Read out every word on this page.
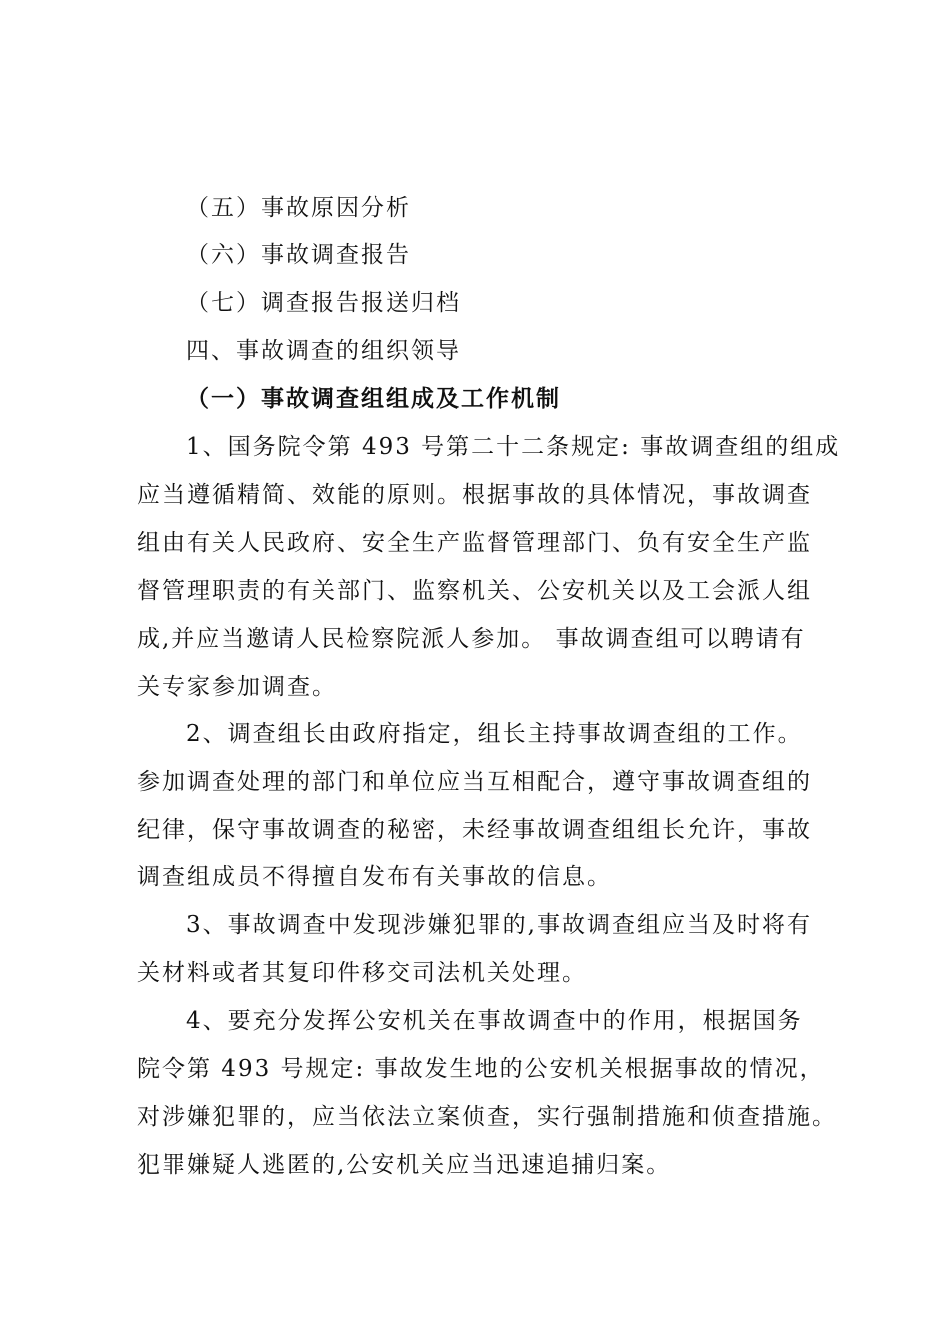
（五）事故原因分析
（六）事故调查报告
（七）调查报告报送归档
四、事故调查的组织领导
（一）事故调查组组成及工作机制
1、国务院令第 493 号第二十二条规定: 事故调查组的组成
应当遵循精简、效能的原则。根据事故的具体情况，事故调查
组由有关人民政府、安全生产监督管理部门、负有安全生产监
督管理职责的有关部门、监察机关、公安机关以及工会派人组
成,并应当邀请人民检察院派人参加。 事故调查组可以聘请有
关专家参加调查。
2、调查组长由政府指定，组长主持事故调查组的工作。
参加调查处理的部门和单位应当互相配合，遵守事故调查组的
纪律，保守事故调查的秘密，未经事故调查组组长允许，事故
调查组成员不得擅自发布有关事故的信息。
3、事故调查中发现涉嫌犯罪的,事故调查组应当及时将有
关材料或者其复印件移交司法机关处理。
4、要充分发挥公安机关在事故调查中的作用，根据国务
院令第 493 号规定: 事故发生地的公安机关根据事故的情况，
对涉嫌犯罪的，应当依法立案侦查，实行强制措施和侦查措施。
犯罪嫌疑人逃匿的,公安机关应当迅速追捕归案。
